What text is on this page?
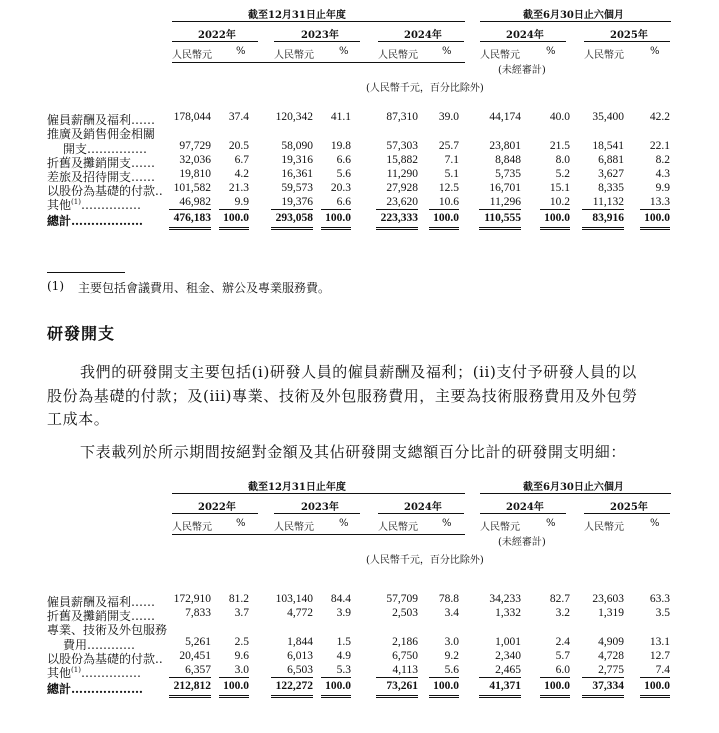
截至12月31日止年度	截至6月30日止六個月
2022年
人民幣元 %
2023年
人民幣元	%
2024年
人民幣元 %
2024年
人民幣元	%
2025年
人民幣元	%
(未經審計)
(人民幣千元，百分比除外)
僱員薪酬及福利……	178,044	37.4	120,342	41.1	87,310	39.0	44,174	40.0	35,400	42.2
推廣及銷售佣金相關
開支……………	97,729	20.5	58,090	19.8	57,303	25.7	23,801	21.5	18,541	22.1
折舊及攤銷開支……	32,036	6.7	19,316	6.6	15,882	7.1	8,848	8.0	6,881	8.2
差旅及招待開支……	19,810	4.2	16,361	5.6	11,290	5.1	5,735	5.2	3,627	4.3
以股份為基礎的付款.. 101,582	21.3	59,573	20.3	27,928	12.5	16,701	15.1	8,335	9.9
其他$^{(1)}$……………	46,982	9.9	19,376	6.6	23,620	10.6	11,296	10.2	11,132	13.3
總計………………	476,183	100.0	293,058	100.0	223,333	100.0	110,555	100.0	83,916	100.0
(1) 主要包括會議費用、租金、辦公及專業服務費。
研發開支
我們的研發開支主要包括(i)研發人員的僱員薪酬及福利；(ii)支付予研發人員的以
股份為基礎的付款；及(iii)專業、技術及外包服務費用，主要為技術服務費用及外包勞
工成本。
下表載列於所示期間按絕對金額及其佔研發開支總額百分比計的研發開支明細：
截至12月31日止年度	截至6月30日止六個月
2022年
人民幣元 %
2023年
人民幣元	%
2024年
人民幣元 %
2024年
人民幣元	%
2025年
人民幣元	%
(未經審計)
(人民幣千元，百分比除外)
僱員薪酬及福利……	172,910	81.2	103,140	84.4	57,709	78.8	34,233	82.7	23,603	63.3
折舊及攤銷開支……	7,833	3.7	4,772	3.9	2,503	3.4	1,332	3.2	1,319	3.5
專業、技術及外包服務
費用…………	5,261	2.5	1,844	1.5	2,186	3.0	1,001	2.4	4,909	13.1
以股份為基礎的付款..	20,451	9.6	6,013	4.9	6,750	9.2	2,340	5.7	4,728	12.7
其他$^{(1)}$……………	6,357	3.0	6,503	5.3	4,113	5.6	2,465	6.0	2,775	7.4
總計………………	212,812	100.0	122,272	100.0	73,261	100.0	41,371	100.0	37,334	100.0
